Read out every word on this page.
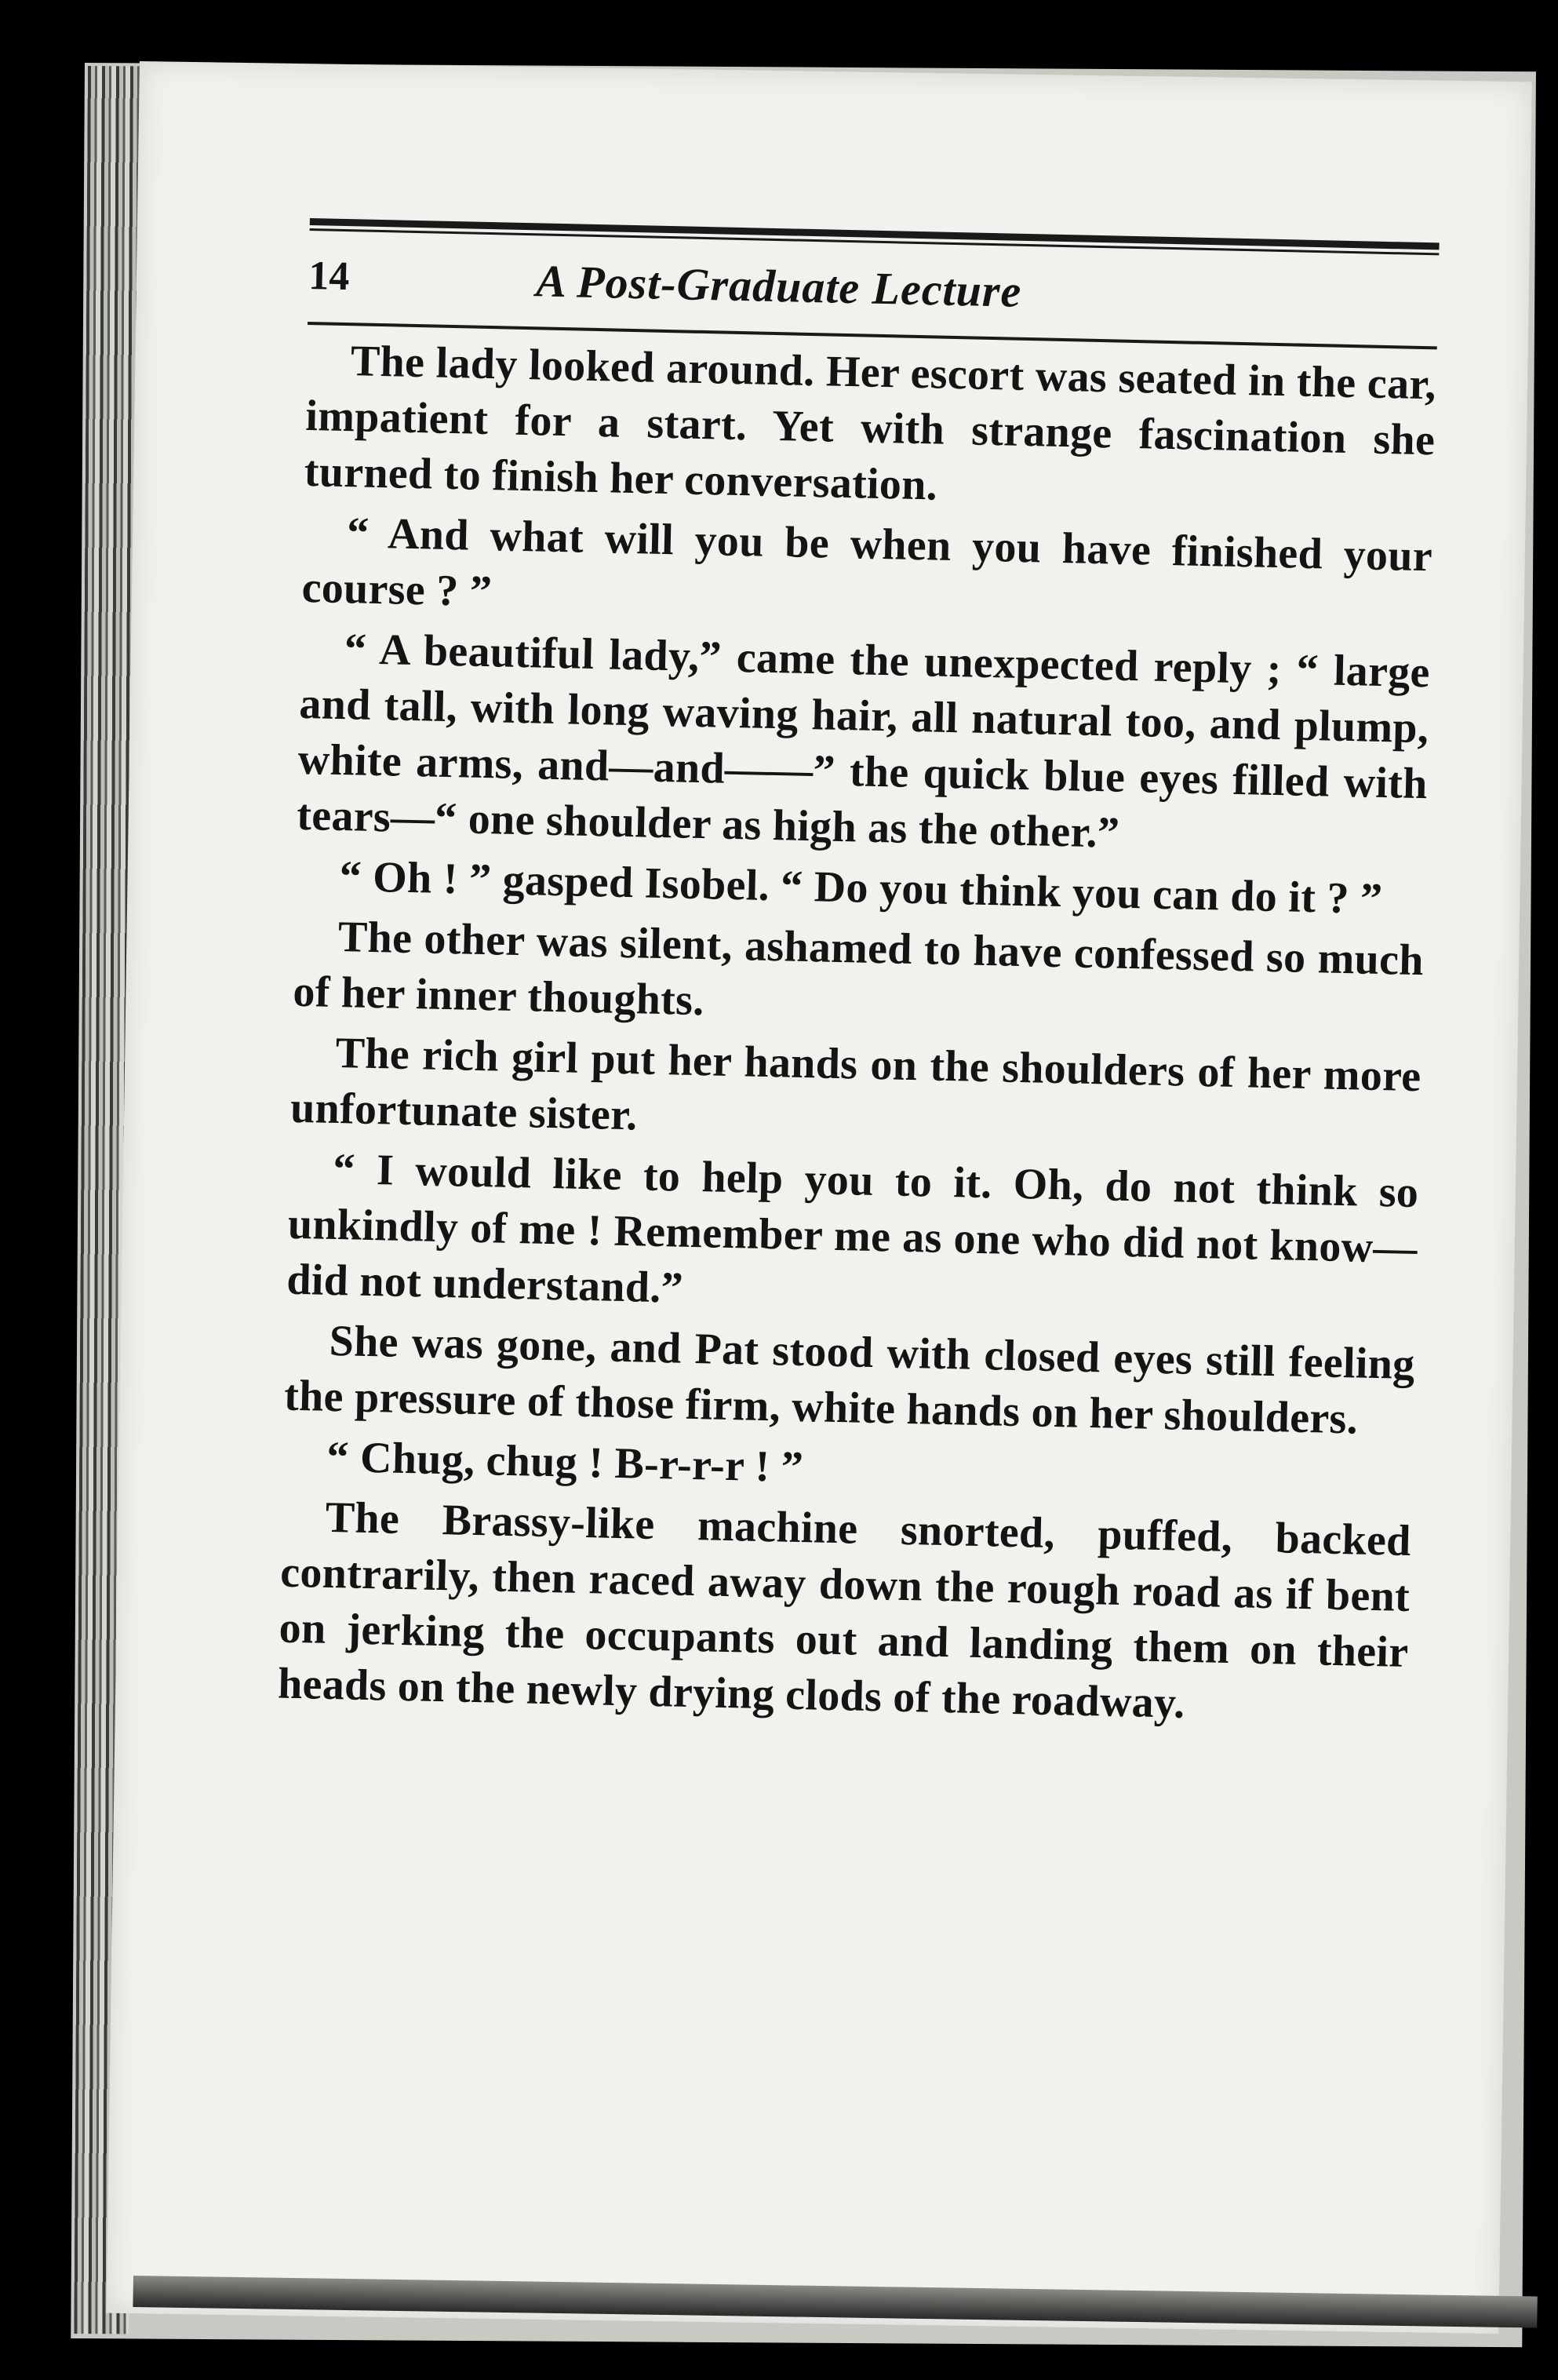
14	A Post-Graduate Lecture

The lady looked around. Her escort was seated in the car, impatient for a start. Yet with strange fascination she turned to finish her conversation.

“ And what will you be when you have finished your course ? ”

“ A beautiful lady,” came the unexpected reply ; “ large and tall, with long waving hair, all natural too, and plump, white arms, and—and——” the quick blue eyes filled with tears—“ one shoulder as high as the other.”

“ Oh ! ” gasped Isobel. “ Do you think you can do it ? ”

The other was silent, ashamed to have confessed so much of her inner thoughts.

The rich girl put her hands on the shoulders of her more unfortunate sister.

“ I would like to help you to it. Oh, do not think so unkindly of me ! Remember me as one who did not know—did not understand.”

She was gone, and Pat stood with closed eyes still feeling the pressure of those firm, white hands on her shoulders.

“ Chug, chug ! B-r-r-r ! ”

The Brassy-like machine snorted, puffed, backed contrarily, then raced away down the rough road as if bent on jerking the occupants out and landing them on their heads on the newly drying clods of the roadway.
